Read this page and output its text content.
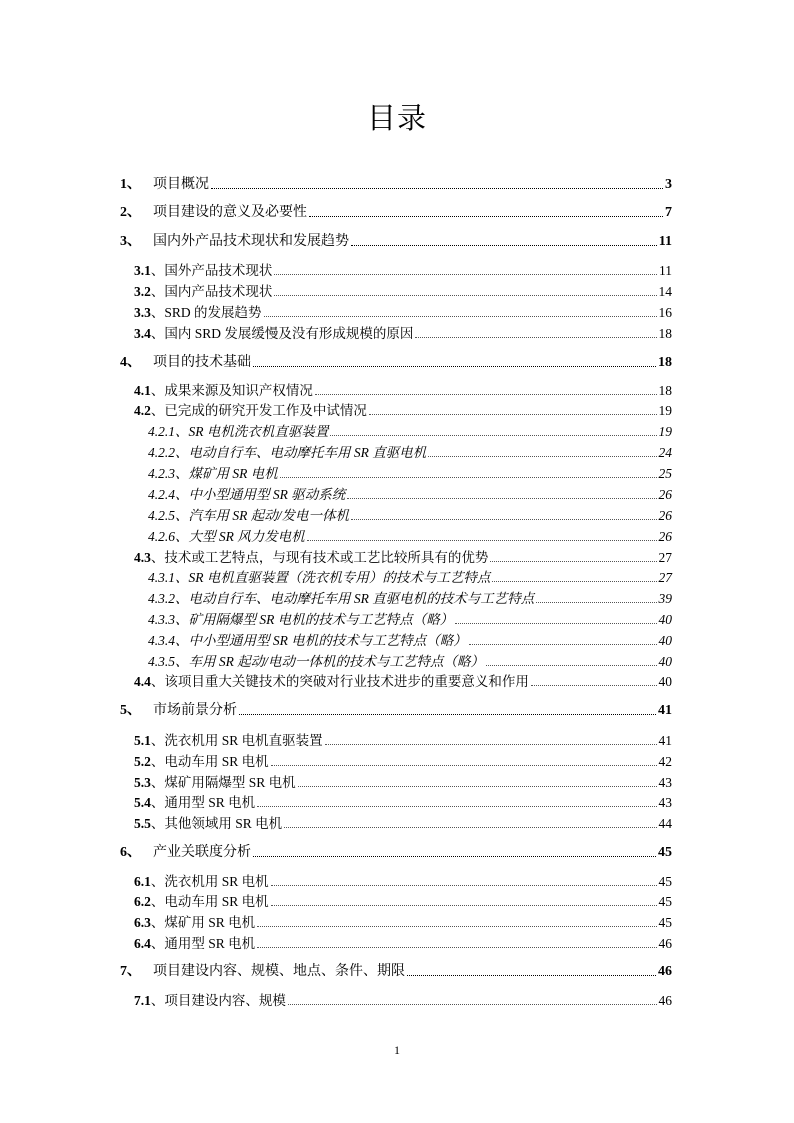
目录
1、 项目概况	3
2、 项目建设的意义及必要性	7
3、 国内外产品技术现状和发展趋势	11
3.1 、国外产品技术现状	11
3.2 、国内产品技术现状	14
3.3 、SRD 的发展趋势	16
3.4 、国内 SRD 发展缓慢及没有形成规模的原因	18
4、 项目的技术基础	18
4.1 、成果来源及知识产权情况	18
4.2 、已完成的研究开发工作及中试情况	19
4.2.1 、SR 电机洗衣机直驱装置	19
4.2.2 、电动自行车、电动摩托车用 SR 直驱电机	24
4.2.3 、煤矿用 SR 电机	25
4.2.4 、中小型通用型 SR 驱动系统	26
4.2.5 、汽车用 SR 起动/发电一体机	26
4.2.6 、大型 SR 风力发电机	26
4.3 、技术或工艺特点，与现有技术或工艺比较所具有的优势	27
4.3.1 、SR 电机直驱装置（洗衣机专用）的技术与工艺特点	27
4.3.2 、电动自行车、电动摩托车用 SR 直驱电机的技术与工艺特点	39
4.3.3 、矿用隔爆型 SR 电机的技术与工艺特点（略）	40
4.3.4 、中小型通用型 SR 电机的技术与工艺特点（略）	40
4.3.5 、车用 SR 起动/电动一体机的技术与工艺特点（略）	40
4.4 、该项目重大关键技术的突破对行业技术进步的重要意义和作用	40
5、 市场前景分析	41
5.1 、洗衣机用 SR 电机直驱装置	41
5.2 、电动车用 SR 电机	42
5.3 、煤矿用隔爆型 SR 电机	43
5.4 、通用型 SR 电机	43
5.5 、其他领域用 SR 电机	44
6、 产业关联度分析	45
6.1 、洗衣机用 SR 电机	45
6.2 、电动车用 SR 电机	45
6.3 、煤矿用 SR 电机	45
6.4 、通用型 SR 电机	46
7、 项目建设内容、规模、地点、条件、期限	46
7.1 、项目建设内容、规模	46
1
